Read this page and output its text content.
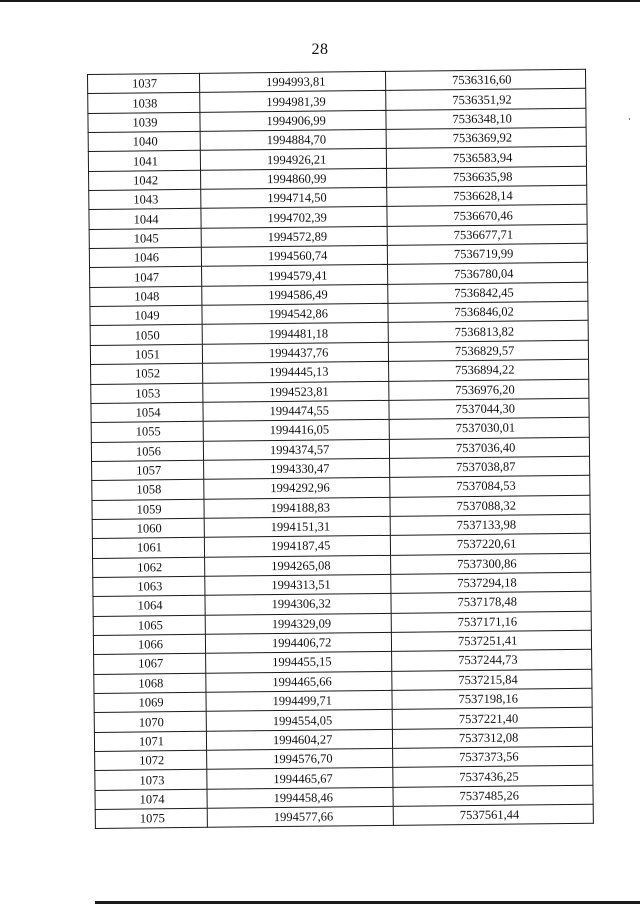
28
1037	1994993,81	7536316,60
1038	1994981,39	7536351,92
1039	1994906,99	7536348,10
1040	1994884,70	7536369,92
1041	1994926,21	7536583,94
1042	1994860,99	7536635,98
1043	1994714,50	7536628,14
1044	1994702,39	7536670,46
1045	1994572,89	7536677,71
1046	1994560,74	7536719,99
1047	1994579,41	7536780,04
1048	1994586,49	7536842,45
1049	1994542,86	7536846,02
1050	1994481,18	7536813,82
1051	1994437,76	7536829,57
1052	1994445,13	7536894,22
1053	1994523,81	7536976,20
1054	1994474,55	7537044,30
1055	1994416,05	7537030,01
1056	1994374,57	7537036,40
1057	1994330,47	7537038,87
1058	1994292,96	7537084,53
1059	1994188,83	7537088,32
1060	1994151,31	7537133,98
1061	1994187,45	7537220,61
1062	1994265,08	7537300,86
1063	1994313,51	7537294,18
1064	1994306,32	7537178,48
1065	1994329,09	7537171,16
1066	1994406,72	7537251,41
1067	1994455,15	7537244,73
1068	1994465,66	7537215,84
1069	1994499,71	7537198,16
1070	1994554,05	7537221,40
1071	1994604,27	7537312,08
1072	1994576,70	7537373,56
1073	1994465,67	7537436,25
1074	1994458,46	7537485,26
1075	1994577,66	7537561,44
